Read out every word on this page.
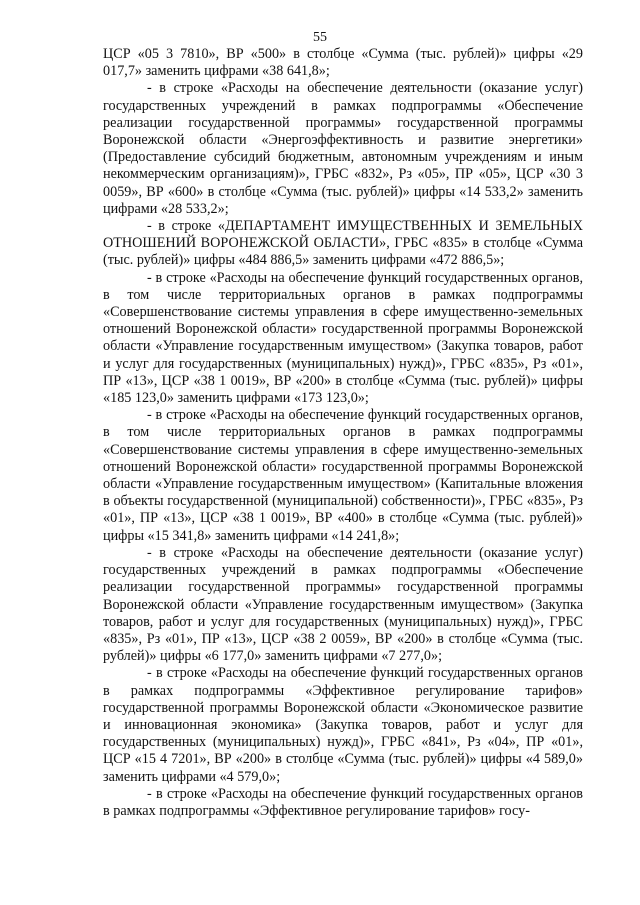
55

ЦСР «05 3 7810», ВР «500» в столбце «Сумма (тыс. рублей)» цифры «29 017,7» заменить цифрами «38 641,8»;

- в строке «Расходы на обеспечение деятельности (оказание услуг) государственных учреждений в рамках подпрограммы «Обеспечение реализации государственной программы» государственной программы Воронежской области «Энергоэффективность и развитие энергетики» (Предоставление субсидий бюджетным, автономным учреждениям и иным некоммерческим организациям)», ГРБС «832», Рз «05», ПР «05», ЦСР «30 3 0059», ВР «600» в столбце «Сумма (тыс. рублей)» цифры «14 533,2» заменить цифрами «28 533,2»;

- в строке «ДЕПАРТАМЕНТ ИМУЩЕСТВЕННЫХ И ЗЕМЕЛЬНЫХ ОТНОШЕНИЙ ВОРОНЕЖСКОЙ ОБЛАСТИ», ГРБС «835» в столбце «Сумма (тыс. рублей)» цифры «484 886,5» заменить цифрами «472 886,5»;

- в строке «Расходы на обеспечение функций государственных органов, в том числе территориальных органов в рамках подпрограммы «Совершенствование системы управления в сфере имущественно-земельных отношений Воронежской области» государственной программы Воронежской области «Управление государственным имуществом» (Закупка товаров, работ и услуг для государственных (муниципальных) нужд)», ГРБС «835», Рз «01», ПР «13», ЦСР «38 1 0019», ВР «200» в столбце «Сумма (тыс. рублей)» цифры «185 123,0» заменить цифрами «173 123,0»;

- в строке «Расходы на обеспечение функций государственных органов, в том числе территориальных органов в рамках подпрограммы «Совершенствование системы управления в сфере имущественно-земельных отношений Воронежской области» государственной программы Воронежской области «Управление государственным имуществом» (Капитальные вложения в объекты государственной (муниципальной) собственности)», ГРБС «835», Рз «01», ПР «13», ЦСР «38 1 0019», ВР «400» в столбце «Сумма (тыс. рублей)» цифры «15 341,8» заменить цифрами «14 241,8»;

- в строке «Расходы на обеспечение деятельности (оказание услуг) государственных учреждений в рамках подпрограммы «Обеспечение реализации государственной программы» государственной программы Воронежской области «Управление государственным имуществом» (Закупка товаров, работ и услуг для государственных (муниципальных) нужд)», ГРБС «835», Рз «01», ПР «13», ЦСР «38 2 0059», ВР «200» в столбце «Сумма (тыс. рублей)» цифры «6 177,0» заменить цифрами «7 277,0»;

- в строке «Расходы на обеспечение функций государственных органов в рамках подпрограммы «Эффективное регулирование тарифов» государственной программы Воронежской области «Экономическое развитие и инновационная экономика» (Закупка товаров, работ и услуг для государственных (муниципальных) нужд)», ГРБС «841», Рз «04», ПР «01», ЦСР «15 4 7201», ВР «200» в столбце «Сумма (тыс. рублей)» цифры «4 589,0» заменить цифрами «4 579,0»;

- в строке «Расходы на обеспечение функций государственных органов в рамках подпрограммы «Эффективное регулирование тарифов» госу-
